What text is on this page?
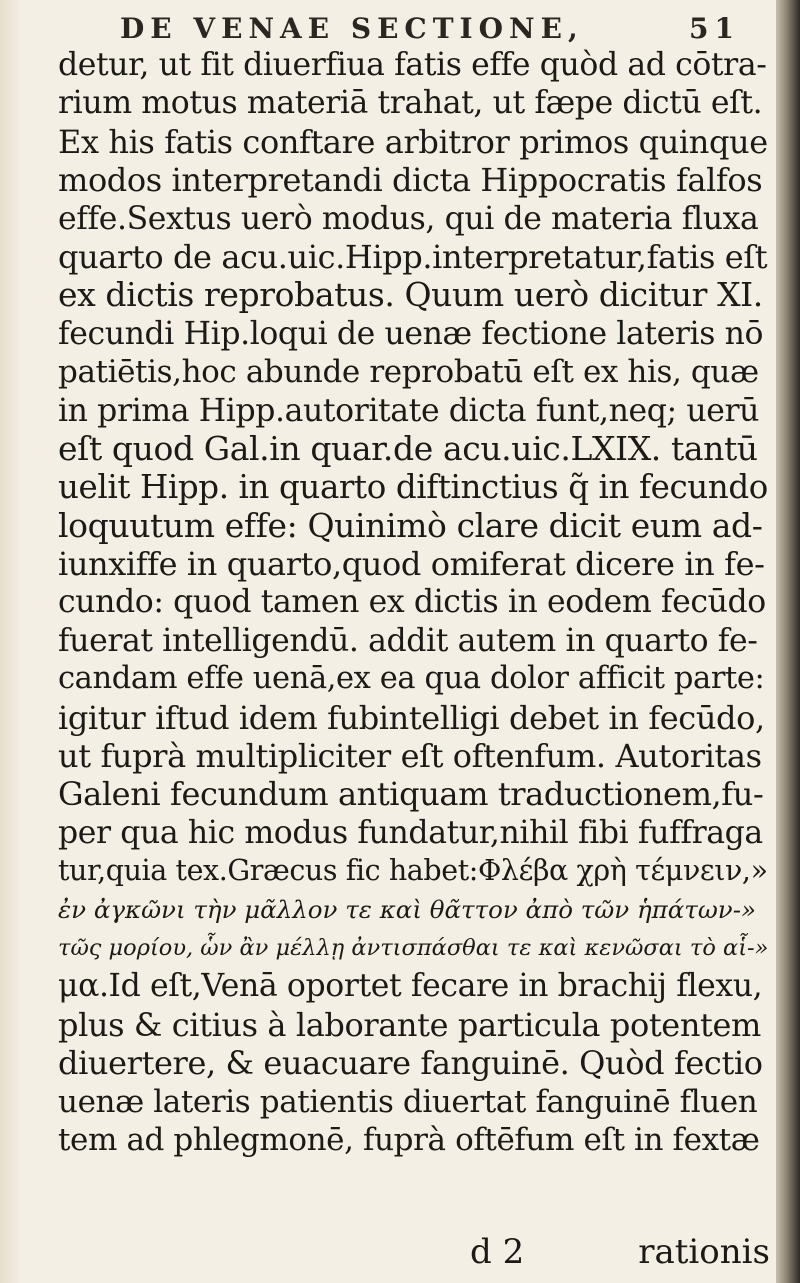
DE VENAE SECTIONE,	51
detur, ut fit diuerfiua fatis effe quòd ad cōtra-
rium motus materiā trahat, ut fæpe dictū eſt.
Ex his fatis conftare arbitror primos quinque
modos interpretandi dicta Hippocratis falfos
effe.Sextus uerò modus, qui de materia fluxa
quarto de acu.uic.Hipp.interpretatur,fatis eſt
ex dictis reprobatus. Quum uerò dicitur XI.
fecundi Hip.loqui de uenæ fectione lateris nō
patiētis,hoc abunde reprobatū eſt ex his, quæ
in prima Hipp.autoritate dicta funt,neq; uerū
eſt quod Gal.in quar.de acu.uic.LXIX. tantū
uelit Hipp. in quarto diftinctius q̃ in fecundo
loquutum effe: Quinimò clare dicit eum ad-
iunxiffe in quarto,quod omiferat dicere in fe-
cundo: quod tamen ex dictis in eodem fecūdo
fuerat intelligendū. addit autem in quarto fe-
candam effe uenā,ex ea qua dolor afficit parte:
igitur iftud idem fubintelligi debet in fecūdo,
ut fuprà multipliciter eſt oftenfum. Autoritas
Galeni fecundum antiquam traductionem,fu-
per qua hic modus fundatur,nihil fibi fuffraga
tur,quia tex.Græcus fic habet:Φλέβα χρὴ τέμνειν,»
ἐν ἀγκῶνι τὴν μᾶλλον τε καὶ θᾶττον ἀπὸ τῶν ἡπάτων-»
τῶς μορίου, ὧν ἂν μέλλῃ ἀντισπάσθαι τε καὶ κενῶσαι τὸ αἷ-»
μα.Id eſt,Venā oportet fecare in brachij flexu,
plus & citius à laborante particula potentem
diuertere, & euacuare fanguinē. Quòd fectio
uenæ lateris patientis diuertat fanguinē fluen
tem ad phlegmonē, fuprà oftēfum eſt in fextæ
d 2	rationis
